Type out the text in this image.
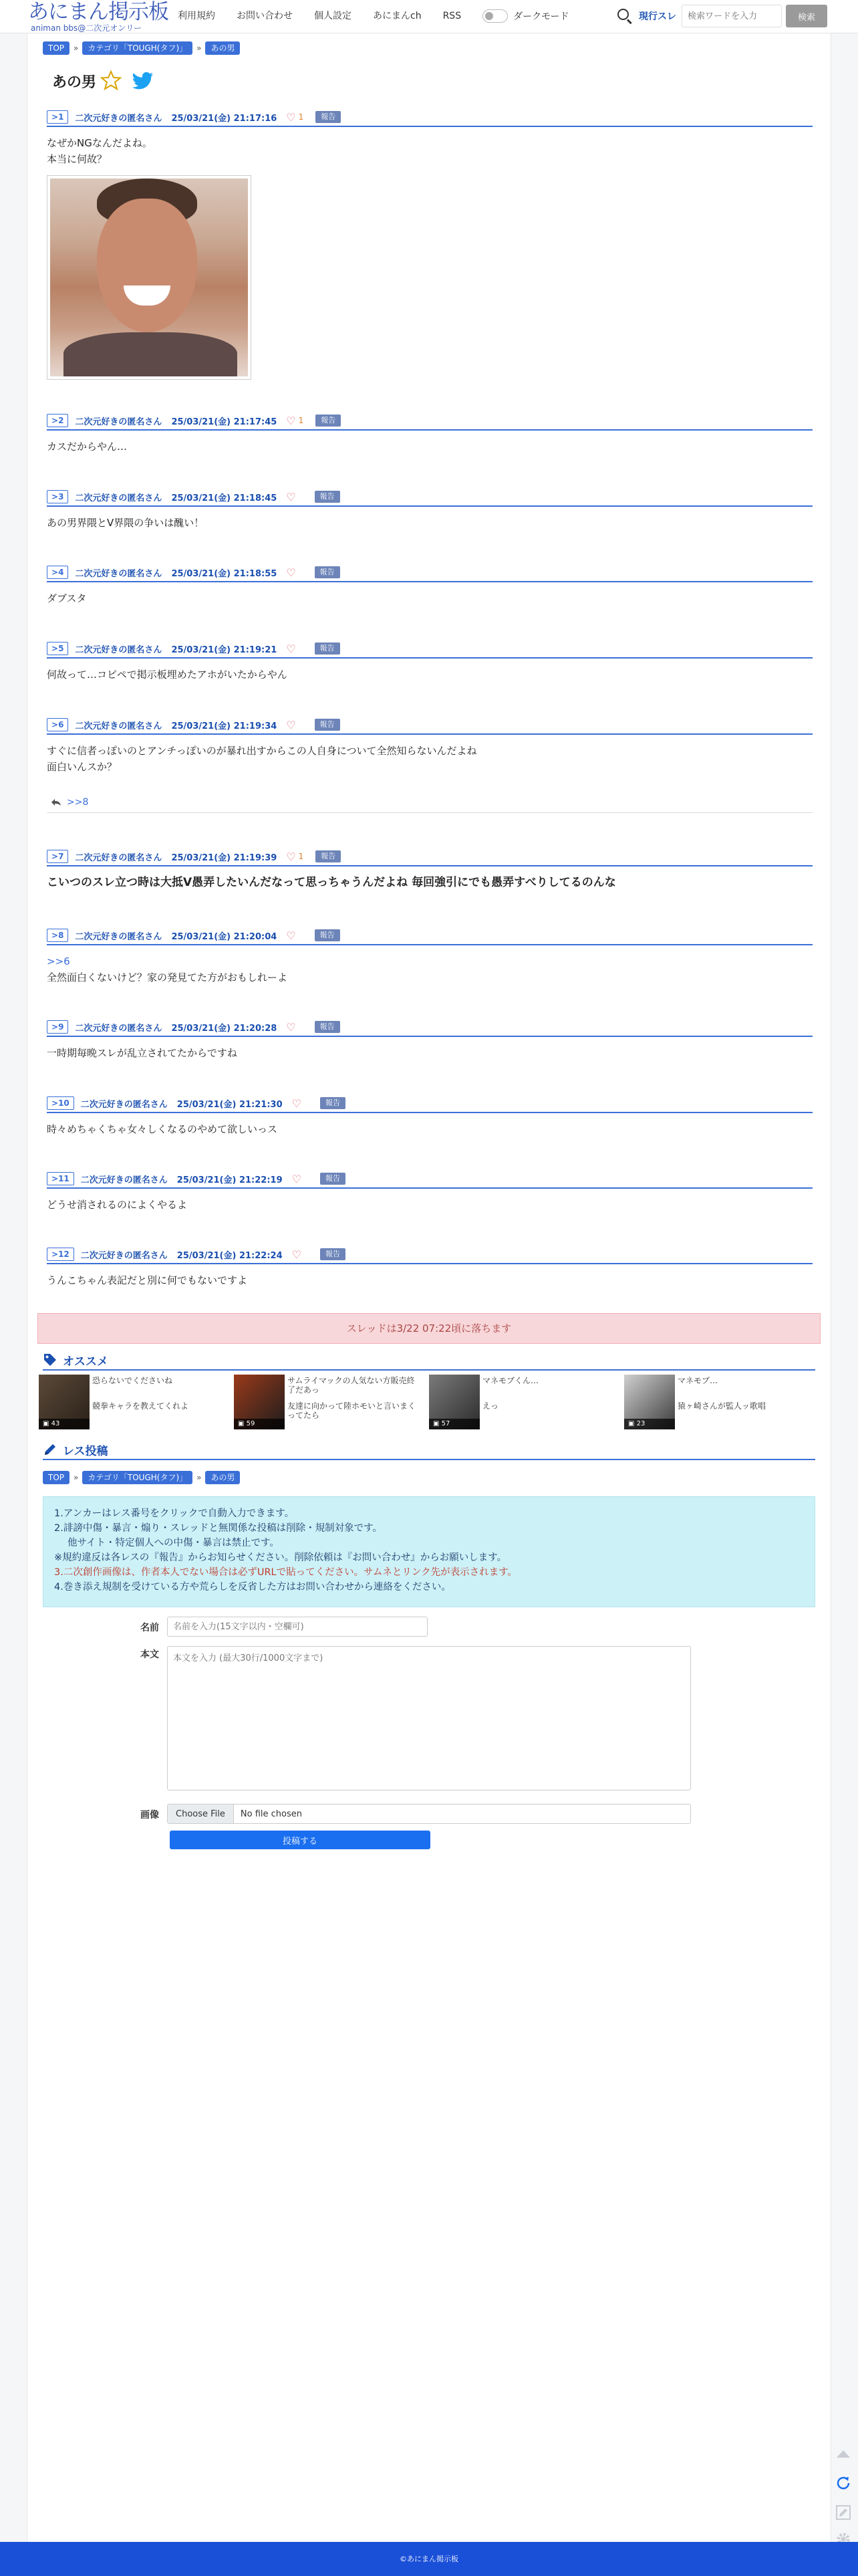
あにまん掲示板
animan bbs@二次元オンリー
利用規約 お問い合わせ 個人設定 あにまんch RSS	ダークモード	現行スレ
検索ワードを入力	検索
TOP	»	カテゴリ「TOUGH(タフ)」	»	あの男
あの男
>1	二次元好きの匿名さん 25/03/21(金) 21:17:16 ♡ 1	報告
なぜかNGなんだよね。
本当に何故？
>2	二次元好きの匿名さん 25/03/21(金) 21:17:45 ♡ 1	報告
カスだからやん…
>3	二次元好きの匿名さん 25/03/21(金) 21:18:45 ♡	報告
あの男界隈とV界隈の争いは醜い！
>4	二次元好きの匿名さん 25/03/21(金) 21:18:55 ♡	報告
ダブスタ
>5	二次元好きの匿名さん 25/03/21(金) 21:19:21 ♡	報告
何故って…コピペで掲示板埋めたアホがいたからやん
>6	二次元好きの匿名さん 25/03/21(金) 21:19:34 ♡	報告
すぐに信者っぽいのとアンチっぽいのが暴れ出すからこの人自身について全然知らないんだよね
面白いんスか？
>>8
>7	二次元好きの匿名さん 25/03/21(金) 21:19:39 ♡ 1	報告
こいつのスレ立つ時は大抵V愚弄したいんだなって思っちゃうんだよね 毎回強引にでも愚弄すべりしてるのんな
>8	二次元好きの匿名さん 25/03/21(金) 21:20:04 ♡	報告
>>6
全然面白くないけど？家の発見てた方がおもしれーよ
>9	二次元好きの匿名さん 25/03/21(金) 21:20:28 ♡	報告
一時期毎晩スレが乱立されてたからですね
>10	二次元好きの匿名さん 25/03/21(金) 21:21:30 ♡	報告
時々めちゃくちゃ女々しくなるのやめて欲しいっス
>11	二次元好きの匿名さん 25/03/21(金) 21:22:19 ♡	報告
どうせ消されるのによくやるよ
>12	二次元好きの匿名さん 25/03/21(金) 21:22:24 ♡	報告
うんこちゃん表記だと別に何でもないですよ
スレッドは3/22 07:22頃に落ちます
オススメ
▣ 43
恐らないでくださいね
競拳キャラを教えてくれよ
▣ 59
サムライマックの人気ない方販売終了だあっ
友達に向かって陸ホモいと言いまくってたら
▣ 57
マネモブくん…
えっ
▣ 23
マネモブ…
猿ヶ崎さんが監人ッ歌唱
レス投稿
TOP	»	カテゴリ「TOUGH(タフ)」	»	あの男
1.アンカーはレス番号をクリックで自動入力できます。
2.誹謗中傷・暴言・煽り・スレッドと無関係な投稿は削除・規制対象です。
他サイト・特定個人への中傷・暴言は禁止です。
※規約違反は各レスの『報告』からお知らせください。削除依頼は『お問い合わせ』からお願いします。
3.二次創作画像は、作者本人でない場合は必ずURLで貼ってください。サムネとリンク先が表示されます。
4.巻き添え規制を受けている方や荒らしを反省した方はお問い合わせから連絡をください。
名前
名前を入力(15文字以内・空欄可)
本文
本文を入力 (最大30行/1000文字まで)
画像	Choose File	No file chosen
投稿する
©あにまん掲示板
